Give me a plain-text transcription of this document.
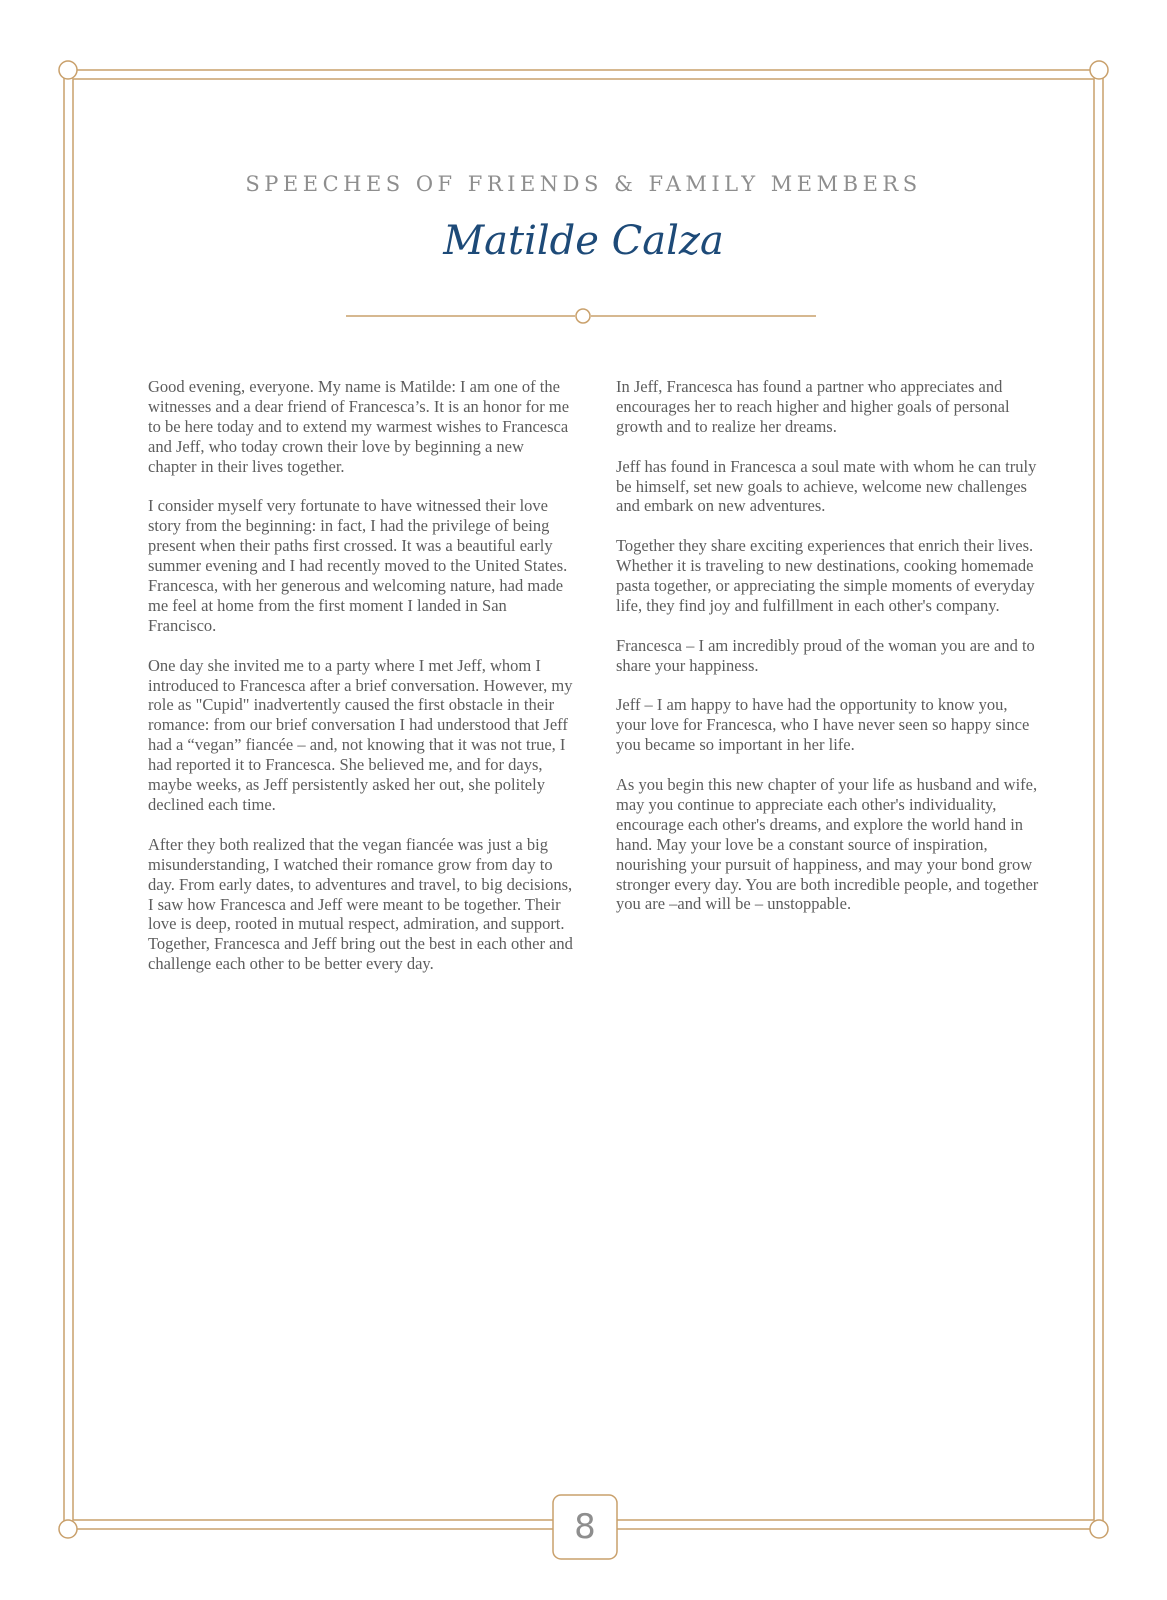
SPEECHES OF FRIENDS & FAMILY MEMBERS
Matilde Calza

Good evening, everyone. My name is Matilde: I am one of the witnesses and a dear friend of Francesca’s. It is an honor for me to be here today and to extend my warmest wishes to Francesca and Jeff, who today crown their love by beginning a new chapter in their lives together.

I consider myself very fortunate to have witnessed their love story from the beginning: in fact, I had the privilege of being present when their paths first crossed. It was a beautiful early summer evening and I had recently moved to the United States. Francesca, with her generous and welcoming nature, had made me feel at home from the first moment I landed in San Francisco.

One day she invited me to a party where I met Jeff, whom I introduced to Francesca after a brief conversation. However, my role as "Cupid" inadvertently caused the first obstacle in their romance: from our brief conversation I had understood that Jeff had a “vegan” fiancée – and, not knowing that it was not true, I had reported it to Francesca. She believed me, and for days, maybe weeks, as Jeff persistently asked her out, she politely declined each time.

After they both realized that the vegan fiancée was just a big misunderstanding, I watched their romance grow from day to day. From early dates, to adventures and travel, to big decisions, I saw how Francesca and Jeff were meant to be together. Their love is deep, rooted in mutual respect, admiration, and support. Together, Francesca and Jeff bring out the best in each other and challenge each other to be better every day.

In Jeff, Francesca has found a partner who appreciates and encourages her to reach higher and higher goals of personal growth and to realize her dreams.

Jeff has found in Francesca a soul mate with whom he can truly be himself, set new goals to achieve, welcome new challenges and embark on new adventures.

Together they share exciting experiences that enrich their lives. Whether it is traveling to new destinations, cooking homemade pasta together, or appreciating the simple moments of everyday life, they find joy and fulfillment in each other's company.

Francesca – I am incredibly proud of the woman you are and to share your happiness.

Jeff – I am happy to have had the opportunity to know you, your love for Francesca, who I have never seen so happy since you became so important in her life.

As you begin this new chapter of your life as husband and wife, may you continue to appreciate each other's individuality, encourage each other's dreams, and explore the world hand in hand. May your love be a constant source of inspiration, nourishing your pursuit of happiness, and may your bond grow stronger every day. You are both incredible people, and together you are –and will be – unstoppable.

8
